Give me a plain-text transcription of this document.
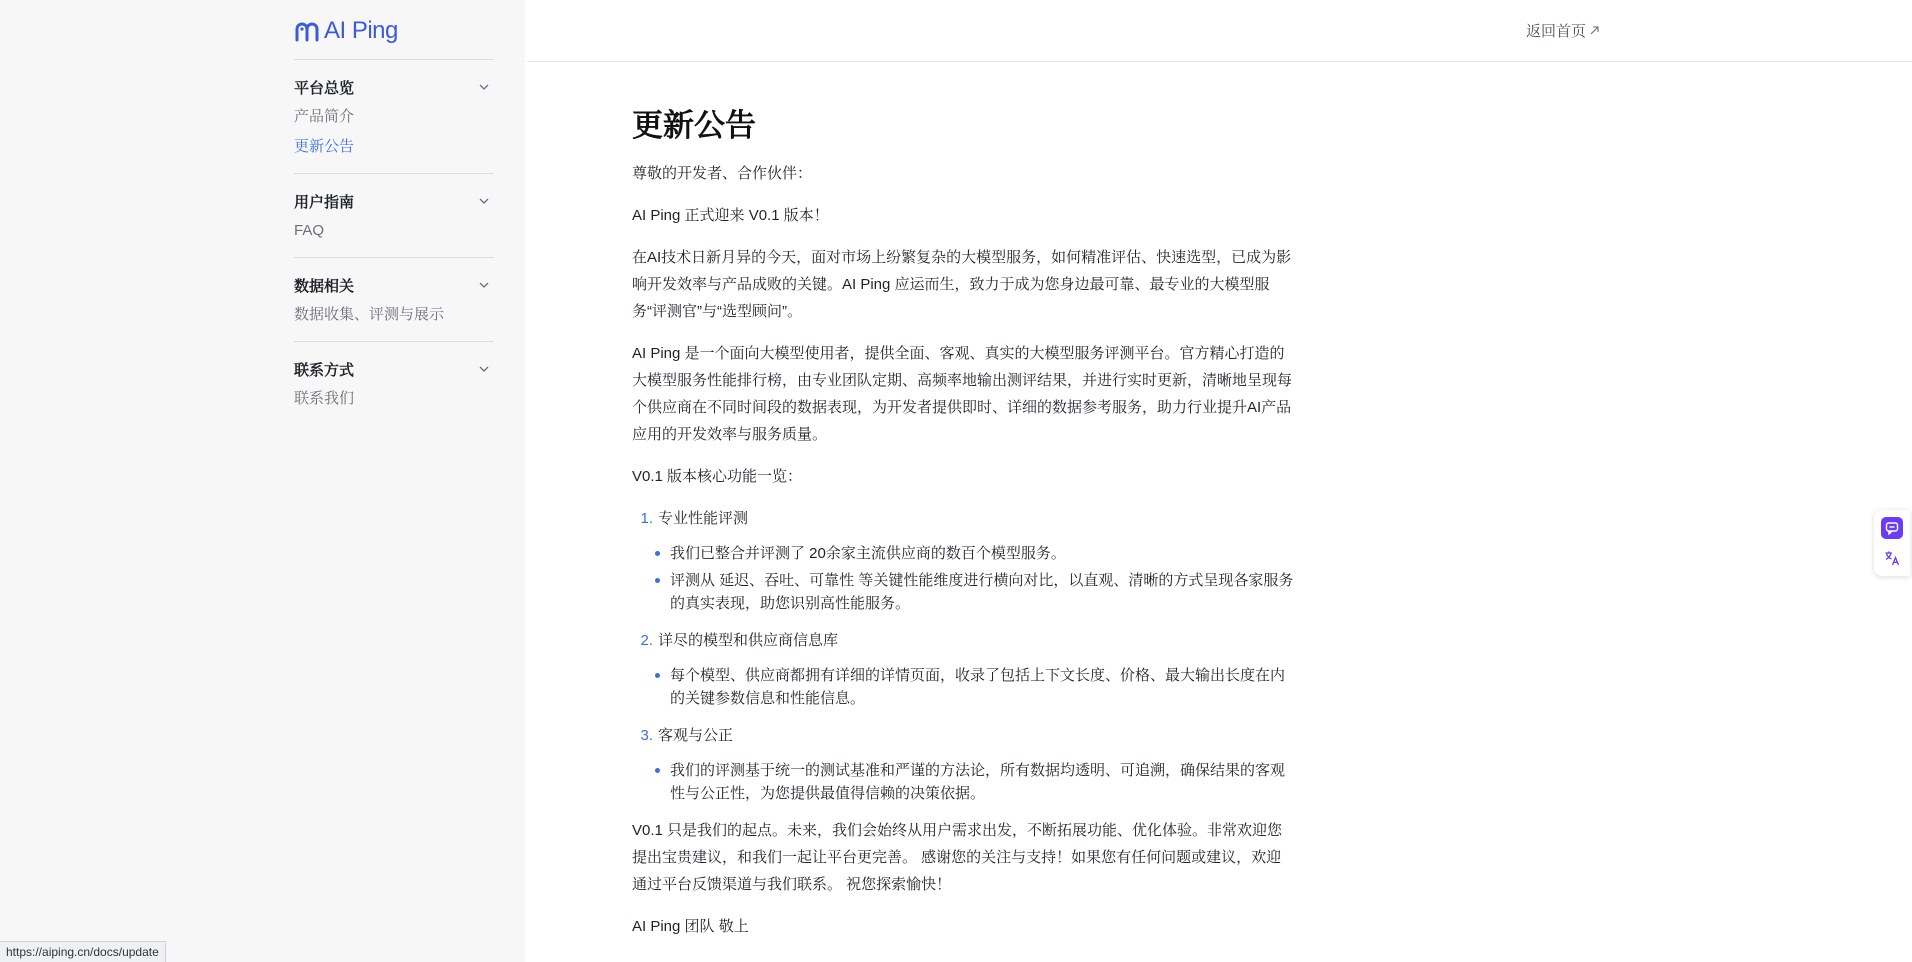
AI Ping
平台总览
产品简介
更新公告
用户指南
FAQ
数据相关
数据收集、评测与展示
联系方式
联系我们
返回首页
更新公告

尊敬的开发者、合作伙伴：

AI Ping 正式迎来 V0.1 版本！

在AI技术日新月异的今天，面对市场上纷繁复杂的大模型服务，如何精准评估、快速选型，已成为影响开发效率与产品成败的关键。AI Ping 应运而生，致力于成为您身边最可靠、最专业的大模型服务“评测官”与“选型顾问”。

AI Ping 是一个面向大模型使用者，提供全面、客观、真实的大模型服务评测平台。官方精心打造的大模型服务性能排行榜，由专业团队定期、高频率地输出测评结果，并进行实时更新，清晰地呈现每个供应商在不同时间段的数据表现，为开发者提供即时、详细的数据参考服务，助力行业提升AI产品应用的开发效率与服务质量。

V0.1 版本核心功能一览：

1. 专业性能评测
我们已整合并评测了 20余家主流供应商的数百个模型服务。
评测从 延迟、吞吐、可靠性 等关键性能维度进行横向对比，以直观、清晰的方式呈现各家服务的真实表现，助您识别高性能服务。
2. 详尽的模型和供应商信息库
每个模型、供应商都拥有详细的详情页面，收录了包括上下文长度、价格、最大输出长度在内的关键参数信息和性能信息。
3. 客观与公正
我们的评测基于统一的测试基准和严谨的方法论，所有数据均透明、可追溯，确保结果的客观性与公正性，为您提供最值得信赖的决策依据。

V0.1 只是我们的起点。未来，我们会始终从用户需求出发，不断拓展功能、优化体验。非常欢迎您提出宝贵建议，和我们一起让平台更完善。 感谢您的关注与支持！如果您有任何问题或建议，欢迎通过平台反馈渠道与我们联系。 祝您探索愉快！

AI Ping 团队 敬上

https://aiping.cn/docs/update
